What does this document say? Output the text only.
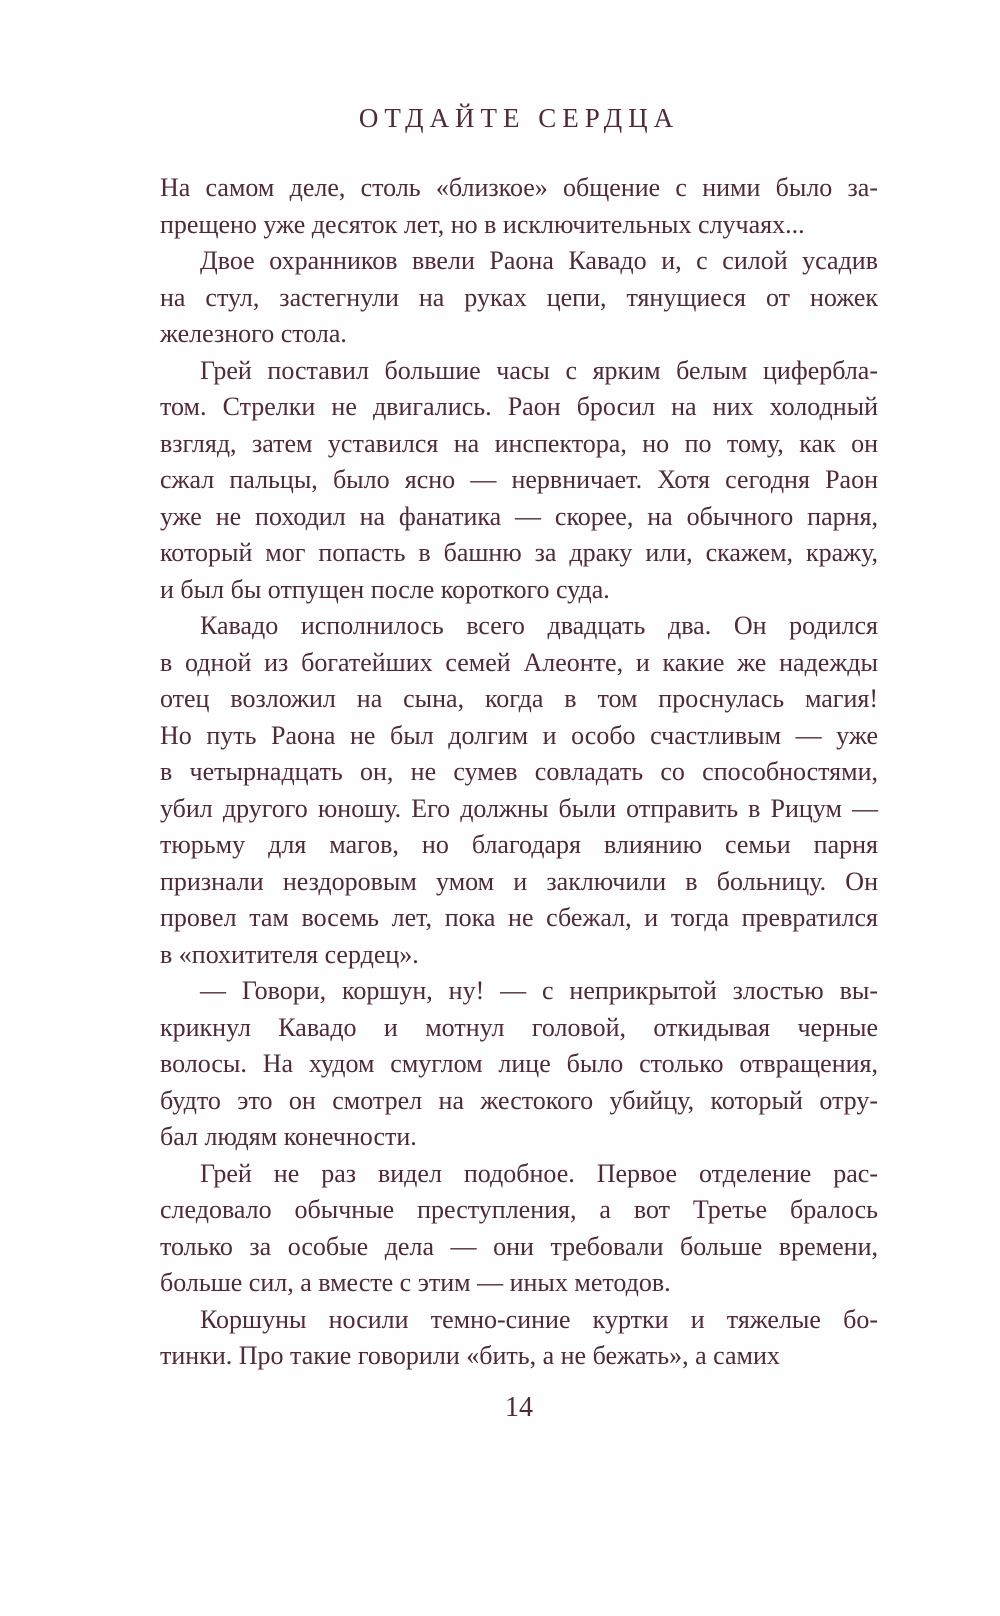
ОТДАЙТЕ СЕРДЦА

На самом деле, столь «близкое» общение с ними было за-
прещено уже десяток лет, но в исключительных случаях...

Двое охранников ввели Раона Кавадо и, с силой усадив
на стул, застегнули на руках цепи, тянущиеся от ножек
железного стола.

Грей поставил большие часы с ярким белым цифербла-
том. Стрелки не двигались. Раон бросил на них холодный
взгляд, затем уставился на инспектора, но по тому, как он
сжал пальцы, было ясно — нервничает. Хотя сегодня Раон
уже не походил на фанатика — скорее, на обычного парня,
который мог попасть в башню за драку или, скажем, кражу,
и был бы отпущен после короткого суда.

Кавадо исполнилось всего двадцать два. Он родился
в одной из богатейших семей Алеонте, и какие же надежды
отец возложил на сына, когда в том проснулась магия!
Но путь Раона не был долгим и особо счастливым — уже
в четырнадцать он, не сумев совладать со способностями,
убил другого юношу. Его должны были отправить в Рицум —
тюрьму для магов, но благодаря влиянию семьи парня
признали нездоровым умом и заключили в больницу. Он
провел там восемь лет, пока не сбежал, и тогда превратился
в «похитителя сердец».

— Говори, коршун, ну! — с неприкрытой злостью вы-
крикнул Кавадо и мотнул головой, откидывая черные
волосы. На худом смуглом лице было столько отвращения,
будто это он смотрел на жестокого убийцу, который отру-
бал людям конечности.

Грей не раз видел подобное. Первое отделение рас-
следовало обычные преступления, а вот Третье бралось
только за особые дела — они требовали больше времени,
больше сил, а вместе с этим — иных методов.

Коршуны носили темно-синие куртки и тяжелые бо-
тинки. Про такие говорили «бить, а не бежать», а самих

14
